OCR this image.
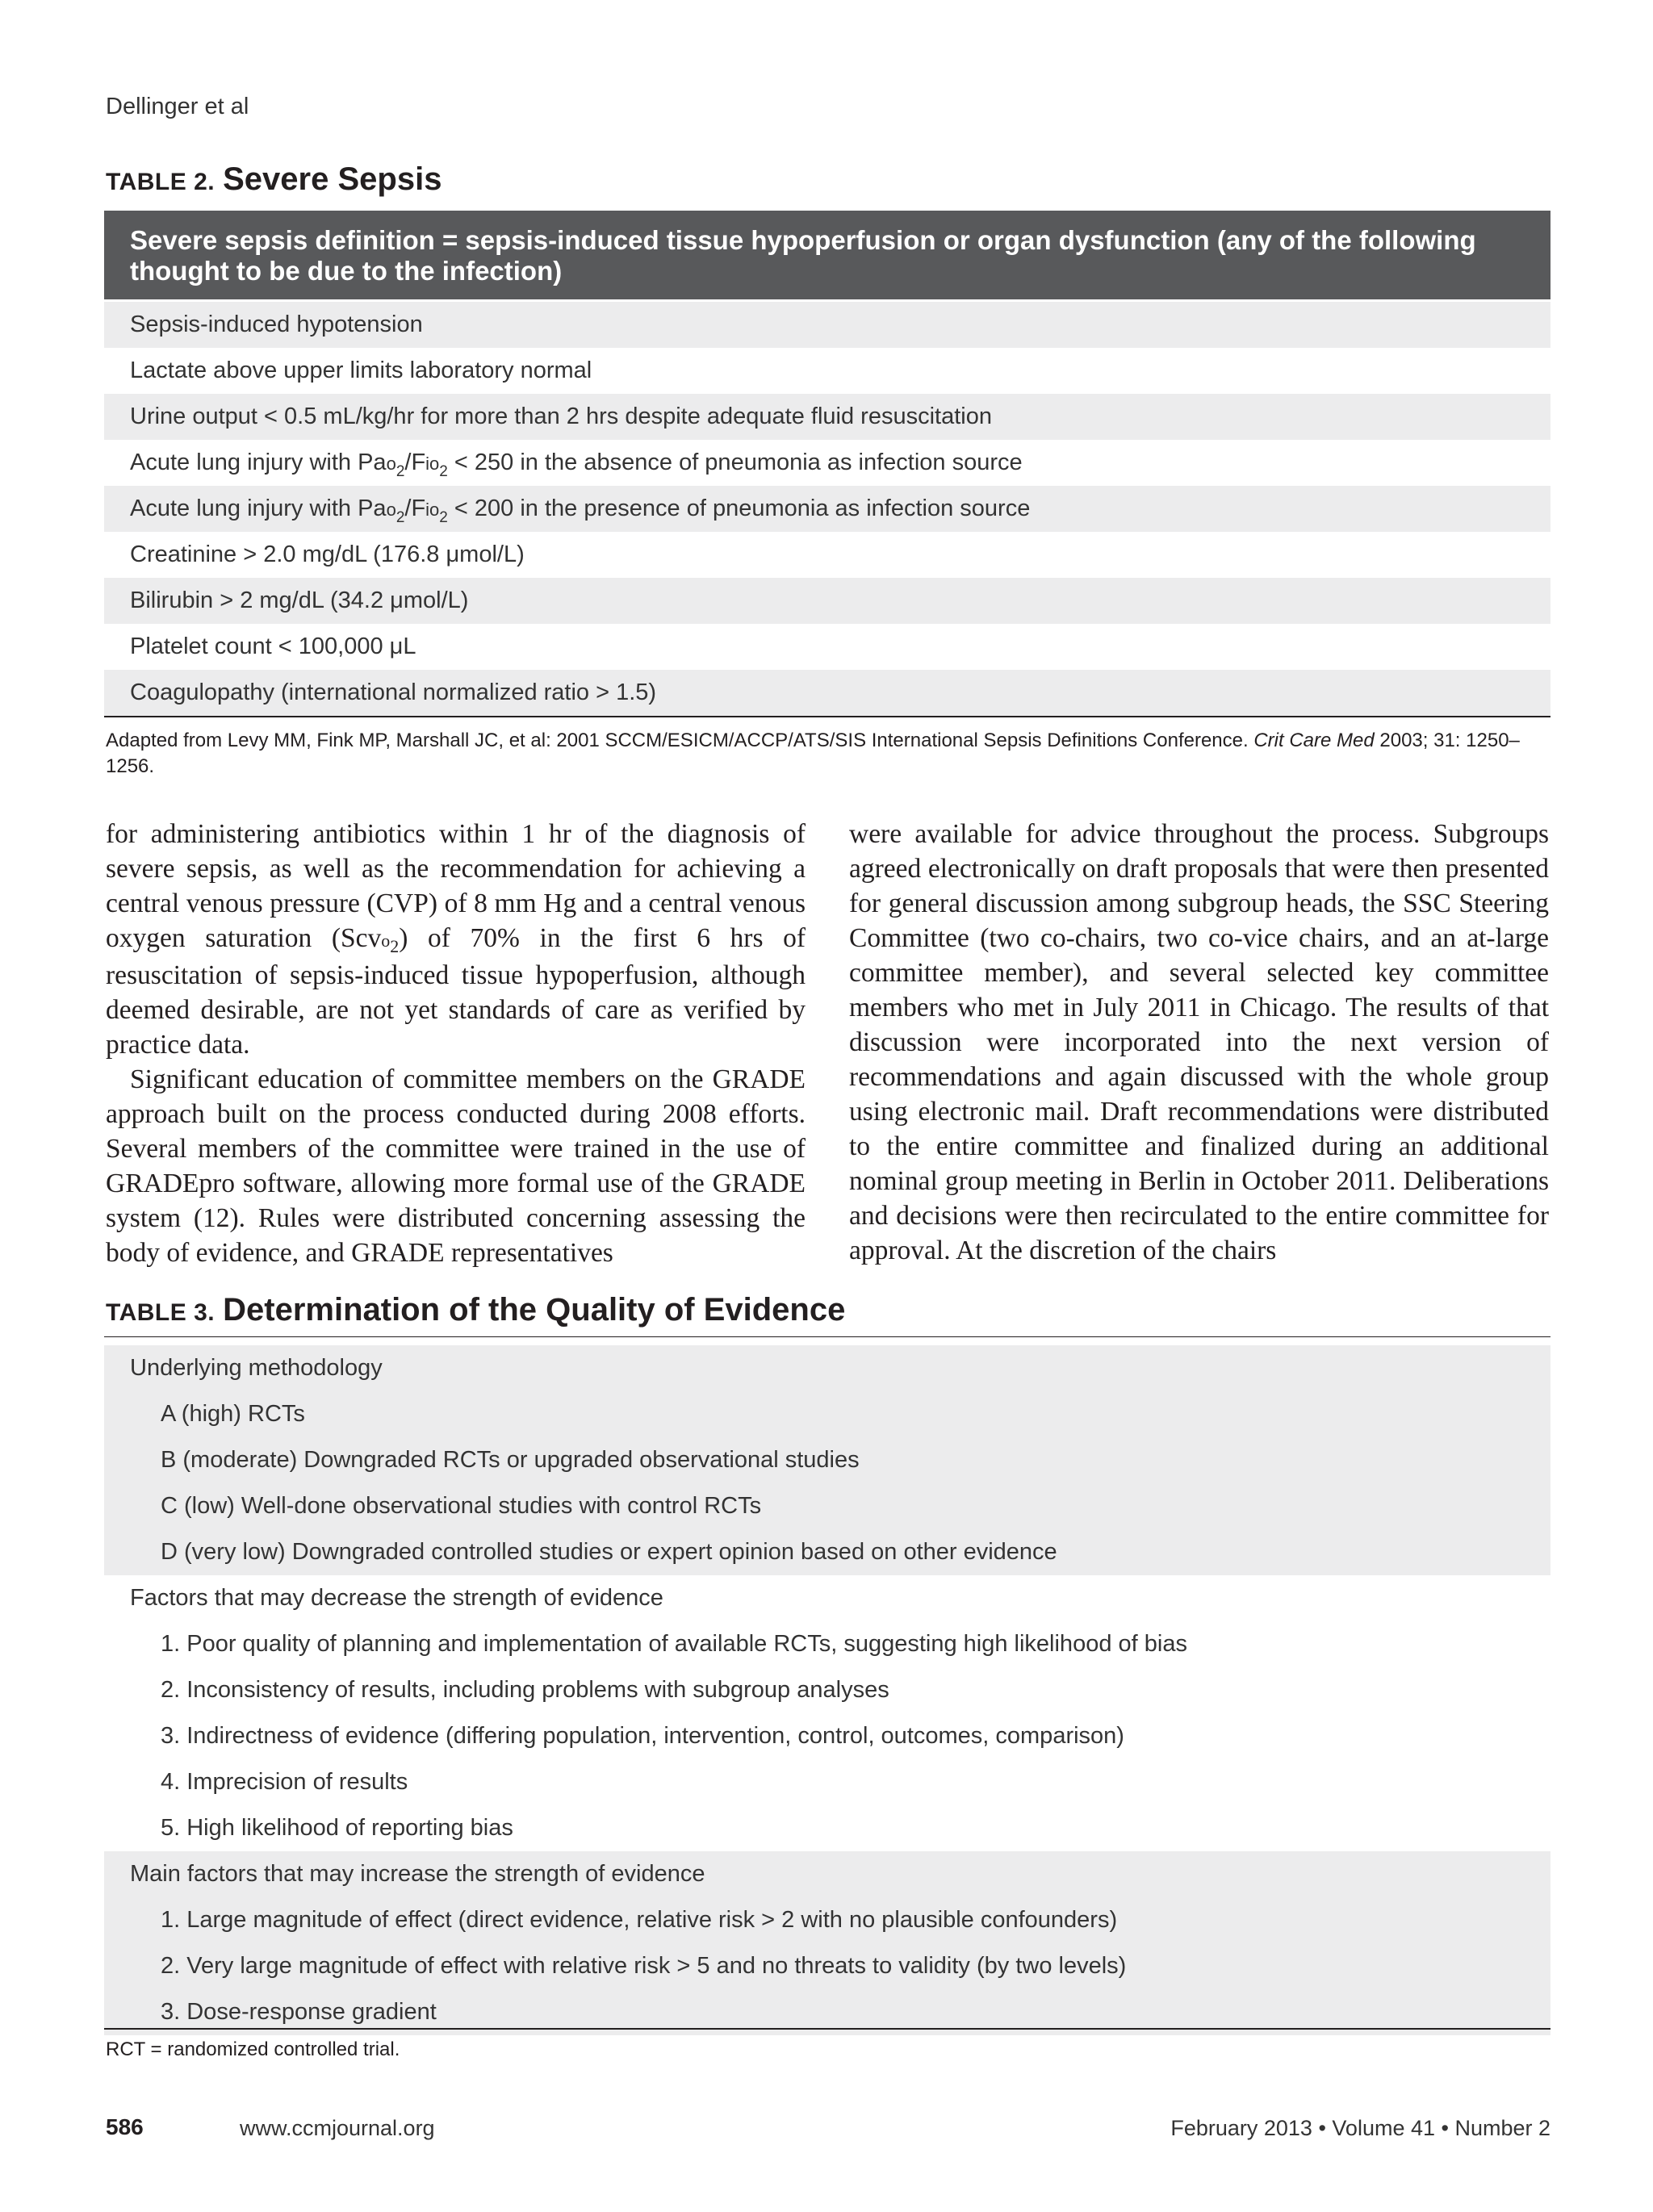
Dellinger et al
TABLE 2. Severe Sepsis
Severe sepsis definition = sepsis-induced tissue hypoperfusion or organ dysfunction (any of the following thought to be due to the infection)
Sepsis-induced hypotension
Lactate above upper limits laboratory normal
Urine output < 0.5 mL/kg/hr for more than 2 hrs despite adequate fluid resuscitation
Acute lung injury with Pao$_2$/Fio$_2$ < 250 in the absence of pneumonia as infection source
Acute lung injury with Pao$_2$/Fio$_2$ < 200 in the presence of pneumonia as infection source
Creatinine > 2.0 mg/dL (176.8 μmol/L)
Bilirubin > 2 mg/dL (34.2 μmol/L)
Platelet count < 100,000 μL
Coagulopathy (international normalized ratio > 1.5)
Adapted from Levy MM, Fink MP, Marshall JC, et al: 2001 SCCM/ESICM/ACCP/ATS/SIS International Sepsis Definitions Conference. Crit Care Med 2003; 31: 1250–1256.

for administering antibiotics within 1 hr of the diagnosis of severe sepsis, as well as the recommendation for achieving a central venous pressure (CVP) of 8 mm Hg and a central venous oxygen saturation (Scvo$_2$) of 70% in the first 6 hrs of resuscitation of sepsis-induced tissue hypoperfusion, although deemed desirable, are not yet standards of care as verified by practice data.

Significant education of committee members on the GRADE approach built on the process conducted during 2008 efforts. Several members of the committee were trained in the use of GRADEpro software, allowing more formal use of the GRADE system (12). Rules were distributed concerning assessing the body of evidence, and GRADE representatives

were available for advice throughout the process. Subgroups agreed electronically on draft proposals that were then presented for general discussion among subgroup heads, the SSC Steering Committee (two co-chairs, two co-vice chairs, and an at-large committee member), and several selected key committee members who met in July 2011 in Chicago. The results of that discussion were incorporated into the next version of recommendations and again discussed with the whole group using electronic mail. Draft recommendations were distributed to the entire committee and finalized during an additional nominal group meeting in Berlin in October 2011. Deliberations and decisions were then recirculated to the entire committee for approval. At the discretion of the chairs

TABLE 3. Determination of the Quality of Evidence
Underlying methodology
A (high) RCTs
B (moderate) Downgraded RCTs or upgraded observational studies
C (low) Well-done observational studies with control RCTs
D (very low) Downgraded controlled studies or expert opinion based on other evidence
Factors that may decrease the strength of evidence
1. Poor quality of planning and implementation of available RCTs, suggesting high likelihood of bias
2. Inconsistency of results, including problems with subgroup analyses
3. Indirectness of evidence (differing population, intervention, control, outcomes, comparison)
4. Imprecision of results
5. High likelihood of reporting bias
Main factors that may increase the strength of evidence
1. Large magnitude of effect (direct evidence, relative risk > 2 with no plausible confounders)
2. Very large magnitude of effect with relative risk > 5 and no threats to validity (by two levels)
3. Dose-response gradient
RCT = randomized controlled trial.
586	www.ccmjournal.org	February 2013 • Volume 41 • Number 2
